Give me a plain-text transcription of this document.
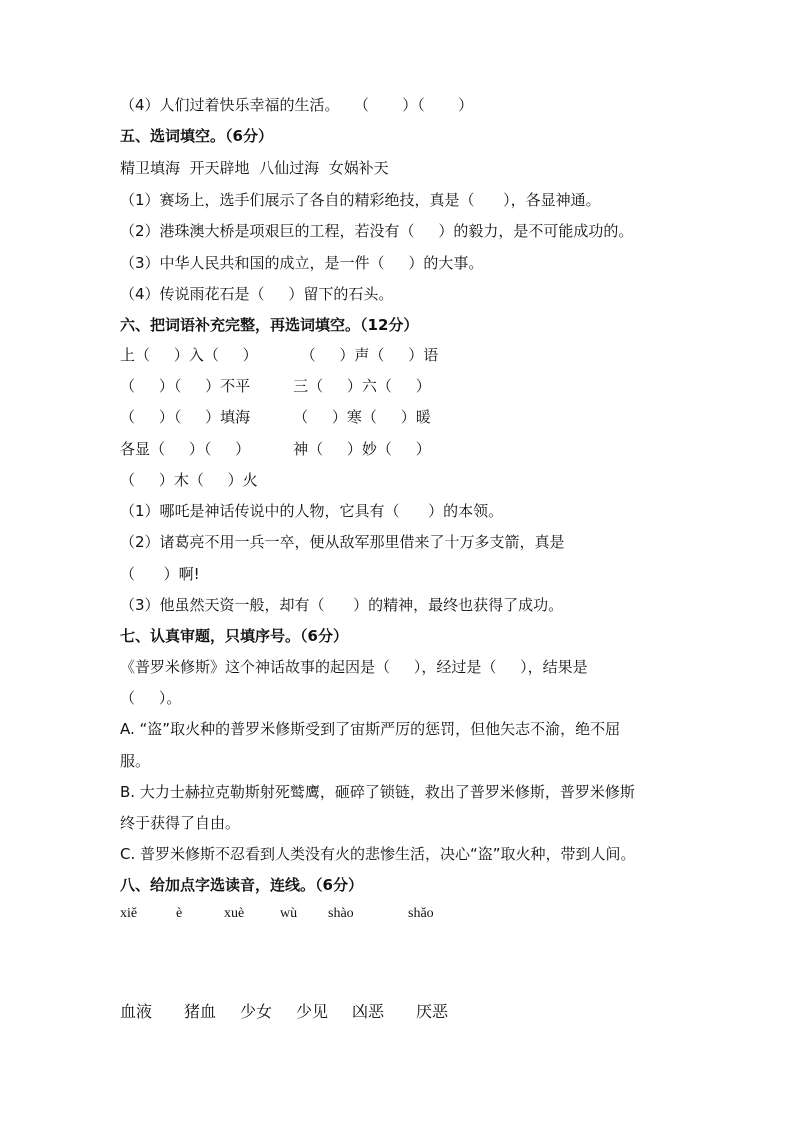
（4）人们过着快乐幸福的生活。   （       ）（       ）
五、选词填空。（6分）
精卫填海  开天辟地  八仙过海  女娲补天
（1）赛场上，选手们展示了各自的精彩绝技，真是（      ），各显神通。
（2）港珠澳大桥是项艰巨的工程，若没有（     ）的毅力，是不可能成功的。
（3）中华人民共和国的成立，是一件（     ）的大事。
（4）传说雨花石是（     ）留下的石头。
六、把词语补充完整，再选词填空。（12分）
上（     ）入（     ）         （     ）声（     ）语
（     ）（     ）不平         三（     ）六（     ）
（     ）（     ）填海         （     ）寒（     ）暖
各显（     ）（     ）         神（     ）妙（     ）
（     ）木（     ）火
（1）哪吒是神话传说中的人物，它具有（      ）的本领。
（2）诸葛亮不用一兵一卒，便从敌军那里借来了十万多支箭，真是
（      ）啊!
（3）他虽然天资一般，却有（      ）的精神，最终也获得了成功。
七、认真审题，只填序号。（6分）
《普罗米修斯》这个神话故事的起因是（     ），经过是（     ），结果是
（     ）。
A. “盗”取火种的普罗米修斯受到了宙斯严厉的惩罚，但他矢志不渝，绝不屈
服。
B. 大力士赫拉克勒斯射死鹫鹰，砸碎了锁链，救出了普罗米修斯，普罗米修斯
终于获得了自由。
C. 普罗米修斯不忍看到人类没有火的悲惨生活，决心“盗”取火种，带到人间。
八、给加点字选读音，连线。（6分）
xiě	è	xuè	wù shào	shǎo
血液 猪血 少女 少见 凶恶 厌恶
